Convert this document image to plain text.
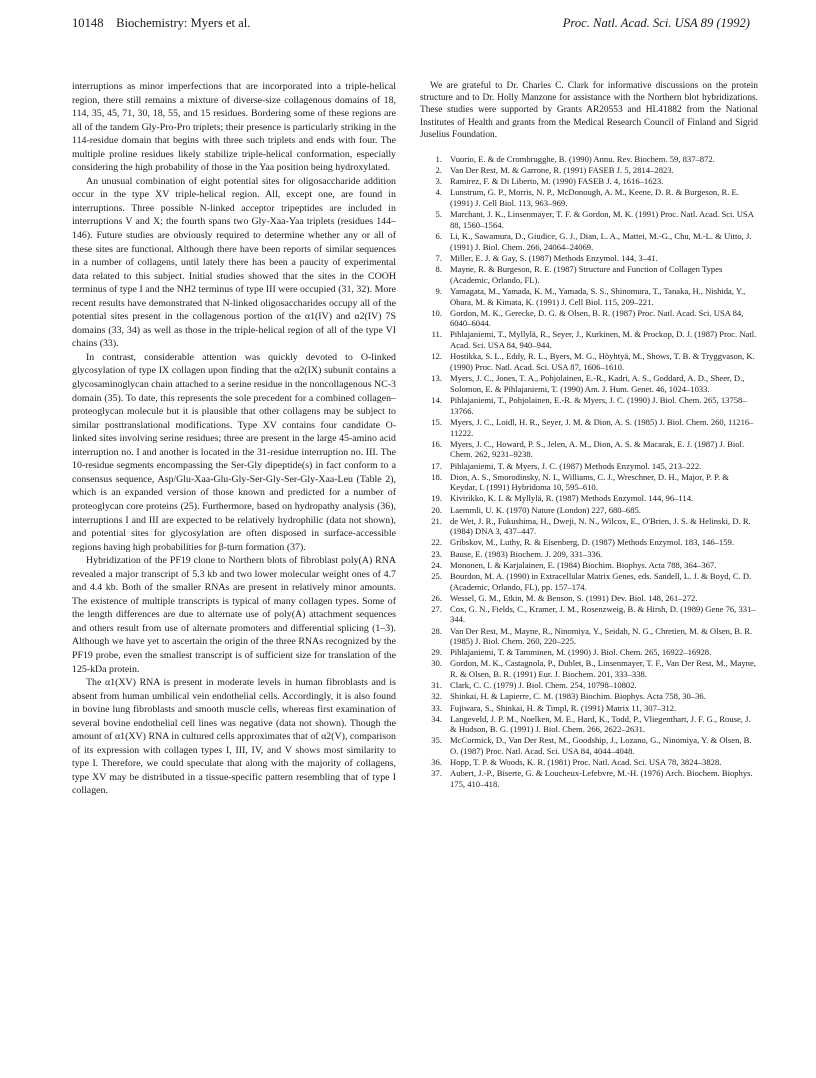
10148 Biochemistry: Myers et al.	Proc. Natl. Acad. Sci. USA 89 (1992)

interruptions as minor imperfections that are incorporated into a triple-helical region, there still remains a mixture of diverse-size collagenous domains of 18, 114, 35, 45, 71, 30, 18, 55, and 15 residues. Bordering some of these regions are all of the tandem Gly-Pro-Pro triplets; their presence is particularly striking in the 114-residue domain that begins with three such triplets and ends with four. The multiple proline residues likely stabilize triple-helical conformation, especially considering the high probability of those in the Yaa position being hydroxylated.

An unusual combination of eight potential sites for oligosaccharide addition occur in the type XV triple-helical region. All, except one, are found in interruptions. Three possible N-linked acceptor tripeptides are included in interruptions V and X; the fourth spans two Gly-Xaa-Yaa triplets (residues 144–146). Future studies are obviously required to determine whether any or all of these sites are functional. Although there have been reports of similar sequences in a number of collagens, until lately there has been a paucity of experimental data related to this subject. Initial studies showed that the sites in the COOH terminus of type I and the NH2 terminus of type III were occupied (31, 32). More recent results have demonstrated that N-linked oligosaccharides occupy all of the potential sites present in the collagenous portion of the α1(IV) and α2(IV) 7S domains (33, 34) as well as those in the triple-helical region of all of the type VI chains (33).

In contrast, considerable attention was quickly devoted to O-linked glycosylation of type IX collagen upon finding that the α2(IX) subunit contains a glycosaminoglycan chain attached to a serine residue in the noncollagenous NC-3 domain (35). To date, this represents the sole precedent for a combined collagen–proteoglycan molecule but it is plausible that other collagens may be subject to similar posttranslational modifications. Type XV contains four candidate O-linked sites involving serine residues; three are present in the large 45-amino acid interruption no. I and another is located in the 31-residue interruption no. III. The 10-residue segments encompassing the Ser-Gly dipeptide(s) in fact conform to a consensus sequence, Asp/Glu-Xaa-Glu-Gly-Ser-Gly-Ser-Gly-Xaa-Leu (Table 2), which is an expanded version of those known and predicted for a number of proteoglycan core proteins (25). Furthermore, based on hydropathy analysis (36), interruptions I and III are expected to be relatively hydrophilic (data not shown), and potential sites for glycosylation are often disposed in surface-accessible regions having high probabilities for β-turn formation (37).

Hybridization of the PF19 clone to Northern blots of fibroblast poly(A) RNA revealed a major transcript of 5.3 kb and two lower molecular weight ones of 4.7 and 4.4 kb. Both of the smaller RNAs are present in relatively minor amounts. The existence of multiple transcripts is typical of many collagen types. Some of the length differences are due to alternate use of poly(A) attachment sequences and others result from use of alternate promoters and differential splicing (1–3). Although we have yet to ascertain the origin of the three RNAs recognized by the PF19 probe, even the smallest transcript is of sufficient size for translation of the 125-kDa protein.

The α1(XV) RNA is present in moderate levels in human fibroblasts and is absent from human umbilical vein endothelial cells. Accordingly, it is also found in bovine lung fibroblasts and smooth muscle cells, whereas first examination of several bovine endothelial cell lines was negative (data not shown). Though the amount of α1(XV) RNA in cultured cells approximates that of α2(V), comparison of its expression with collagen types I, III, IV, and V shows most similarity to type I. Therefore, we could speculate that along with the majority of collagens, type XV may be distributed in a tissue-specific pattern resembling that of type I collagen.

We are grateful to Dr. Charles C. Clark for informative discussions on the protein structure and to Dr. Holly Manzone for assistance with the Northern blot hybridizations. These studies were supported by Grants AR20553 and HL41882 from the National Institutes of Health and grants from the Medical Research Council of Finland and Sigrid Juselius Foundation.

1. Vuorio, E. & de Crombrugghe, B. (1990) Annu. Rev. Biochem. 59, 837–872.
2. Van Der Rest, M. & Garrone, R. (1991) FASEB J. 5, 2814–2823.
3. Ramirez, F. & Di Liberto, M. (1990) FASEB J. 4, 1616–1623.
4. Lunstrum, G. P., Morris, N. P., McDonough, A. M., Keene, D. R. & Burgeson, R. E. (1991) J. Cell Biol. 113, 963–969.
5. Marchant, J. K., Linsenmayer, T. F. & Gordon, M. K. (1991) Proc. Natl. Acad. Sci. USA 88, 1560–1564.
6. Li, K., Sawamura, D., Giudice, G. J., Dian, L. A., Mattei, M.-G., Chu, M.-L. & Uitto, J. (1991) J. Biol. Chem. 266, 24064–24069.
7. Miller, E. J. & Gay, S. (1987) Methods Enzymol. 144, 3–41.
8. Mayne, R. & Burgeson, R. E. (1987) Structure and Function of Collagen Types (Academic, Orlando, FL).
9. Yamagata, M., Yamada, K. M., Yamada, S. S., Shinomura, T., Tanaka, H., Nishida, Y., Obara, M. & Kimata, K. (1991) J. Cell Biol. 115, 209–221.
10. Gordon, M. K., Gerecke, D. G. & Olsen, B. R. (1987) Proc. Natl. Acad. Sci. USA 84, 6040–6044.
11. Pihlajaniemi, T., Myllylä, R., Seyer, J., Kurkinen, M. & Prockop, D. J. (1987) Proc. Natl. Acad. Sci. USA 84, 940–944.
12. Hostikka, S. L., Eddy, R. L., Byers, M. G., Höyhtyä, M., Shows, T. B. & Tryggvason, K. (1990) Proc. Natl. Acad. Sci. USA 87, 1606–1610.
13. Myers, J. C., Jones, T. A., Pohjolainen, E.-R., Kadri, A. S., Goddard, A. D., Sheer, D., Solomon, E. & Pihlajaniemi, T. (1990) Am. J. Hum. Genet. 46, 1024–1033.
14. Pihlajaniemi, T., Pohjolainen, E.-R. & Myers, J. C. (1990) J. Biol. Chem. 265, 13758–13766.
15. Myers, J. C., Loidl, H. R., Seyer, J. M. & Dion, A. S. (1985) J. Biol. Chem. 260, 11216–11222.
16. Myers, J. C., Howard, P. S., Jelen, A. M., Dion, A. S. & Macarak, E. J. (1987) J. Biol. Chem. 262, 9231–9238.
17. Pihlajaniemi, T. & Myers, J. C. (1987) Methods Enzymol. 145, 213–222.
18. Dion, A. S., Smorodinsky, N. I., Williams, C. J., Wreschner, D. H., Major, P. P. & Keydar, I. (1991) Hybridoma 10, 595–610.
19. Kivirikko, K. I. & Myllylä, R. (1987) Methods Enzymol. 144, 96–114.
20. Laemmli, U. K. (1970) Nature (London) 227, 680–685.
21. de Wet, J. R., Fukushima, H., Dweji, N. N., Wilcox, E., O'Brien, J. S. & Helinski, D. R. (1984) DNA 3, 437–447.
22. Gribskov, M., Luthy, R. & Eisenberg, D. (1987) Methods Enzymol. 183, 146–159.
23. Bause, E. (1983) Biochem. J. 209, 331–336.
24. Mononen, I. & Karjalainen, E. (1984) Biochim. Biophys. Acta 788, 364–367.
25. Bourdon, M. A. (1990) in Extracellular Matrix Genes, eds. Sandell, L. J. & Boyd, C. D. (Academic, Orlando, FL), pp. 157–174.
26. Wessel, G. M., Etkin, M. & Benson, S. (1991) Dev. Biol. 148, 261–272.
27. Cox, G. N., Fields, C., Kramer, J. M., Rosenzweig, B. & Hirsh, D. (1989) Gene 76, 331–344.
28. Van Der Rest, M., Mayne, R., Ninomiya, Y., Seidah, N. G., Chretien, M. & Olsen, B. R. (1985) J. Biol. Chem. 260, 220–225.
29. Pihlajaniemi, T. & Tamminen, M. (1990) J. Biol. Chem. 265, 16922–16928.
30. Gordon, M. K., Castagnola, P., Dublet, B., Linsenmayer, T. F., Van Der Rest, M., Mayne, R. & Olsen, B. R. (1991) Eur. J. Biochem. 201, 333–338.
31. Clark, C. C. (1979) J. Biol. Chem. 254, 10798–10802.
32. Shinkai, H. & Lapierre, C. M. (1983) Biochim. Biophys. Acta 758, 30–36.
33. Fujiwara, S., Shinkai, H. & Timpl, R. (1991) Matrix 11, 307–312.
34. Langeveld, J. P. M., Noelken, M. E., Hard, K., Todd, P., Vliegenthart, J. F. G., Rouse, J. & Hudson, B. G. (1991) J. Biol. Chem. 266, 2622–2631.
35. McCormick, D., Van Der Rest, M., Goodship, J., Lozano, G., Ninomiya, Y. & Olsen, B. O. (1987) Proc. Natl. Acad. Sci. USA 84, 4044–4048.
36. Hopp, T. P. & Woods, K. R. (1981) Proc. Natl. Acad. Sci. USA 78, 3824–3828.
37. Aubert, J.-P., Biserte, G. & Loucheux-Lefebvre, M.-H. (1976) Arch. Biochem. Biophys. 175, 410–418.
